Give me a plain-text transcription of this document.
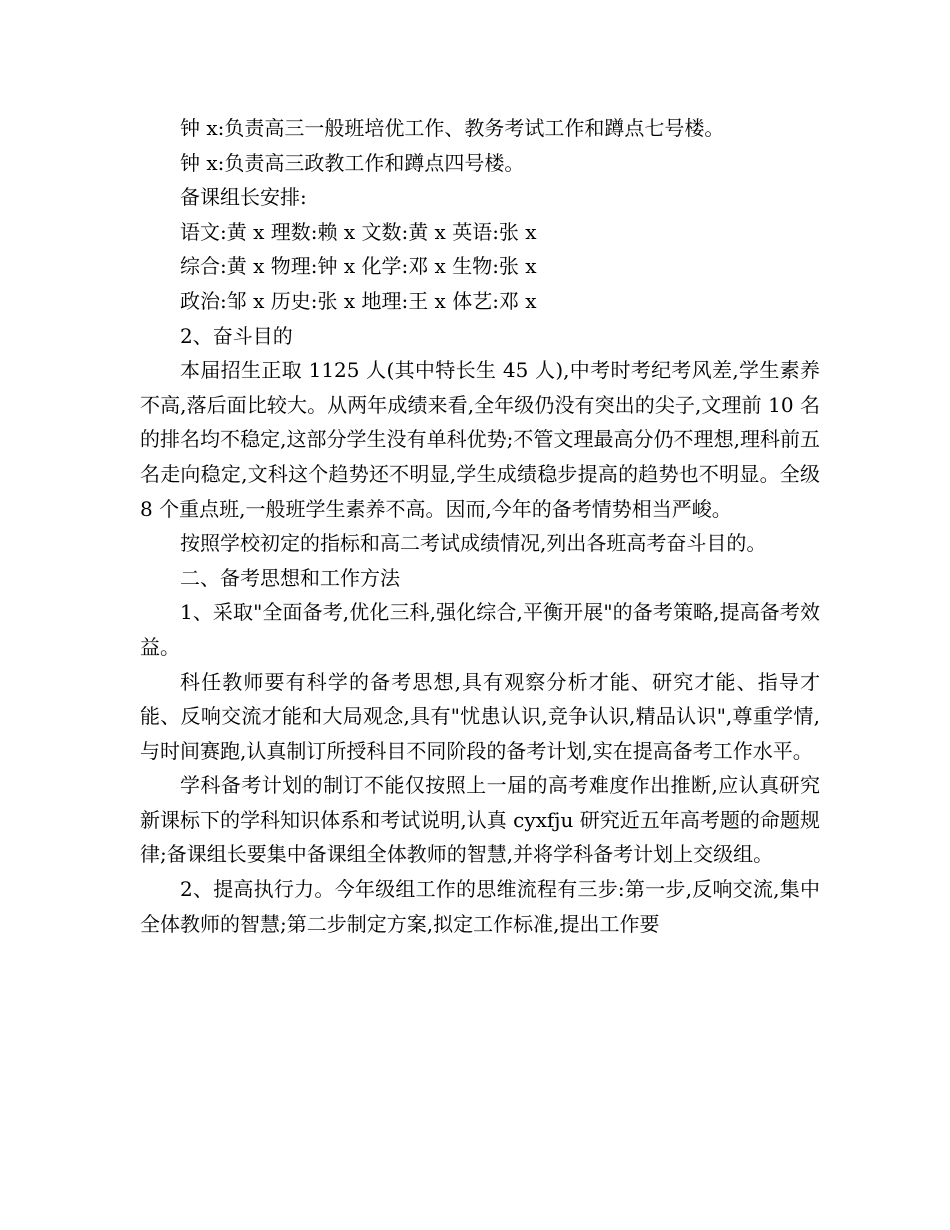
钟 x:负责高三一般班培优工作、教务考试工作和蹲点七号楼。

钟 x:负责高三政教工作和蹲点四号楼。

备课组长安排:

语文:黄 x 理数:赖 x 文数:黄 x 英语:张 x

综合:黄 x 物理:钟 x 化学:邓 x 生物:张 x

政治:邹 x 历史:张 x 地理:王 x 体艺:邓 x

2、奋斗目的

本届招生正取 1125 人(其中特长生 45 人),中考时考纪考风差,学生素养不高,落后面比较大。从两年成绩来看,全年级仍没有突出的尖子,文理前 10 名的排名均不稳定,这部分学生没有单科优势;不管文理最高分仍不理想,理科前五名走向稳定,文科这个趋势还不明显,学生成绩稳步提高的趋势也不明显。全级 8 个重点班,一般班学生素养不高。因而,今年的备考情势相当严峻。

按照学校初定的指标和高二考试成绩情况,列出各班高考奋斗目的。

二、备考思想和工作方法

1、采取"全面备考,优化三科,强化综合,平衡开展"的备考策略,提高备考效益。

科任教师要有科学的备考思想,具有观察分析才能、研究才能、指导才能、反响交流才能和大局观念,具有"忧患认识,竞争认识,精品认识",尊重学情,与时间赛跑,认真制订所授科目不同阶段的备考计划,实在提高备考工作水平。

学科备考计划的制订不能仅按照上一届的高考难度作出推断,应认真研究新课标下的学科知识体系和考试说明,认真 cyxfju 研究近五年高考题的命题规律;备课组长要集中备课组全体教师的智慧,并将学科备考计划上交级组。

2、提高执行力。今年级组工作的思维流程有三步:第一步,反响交流,集中全体教师的智慧;第二步制定方案,拟定工作标准,提出工作要
